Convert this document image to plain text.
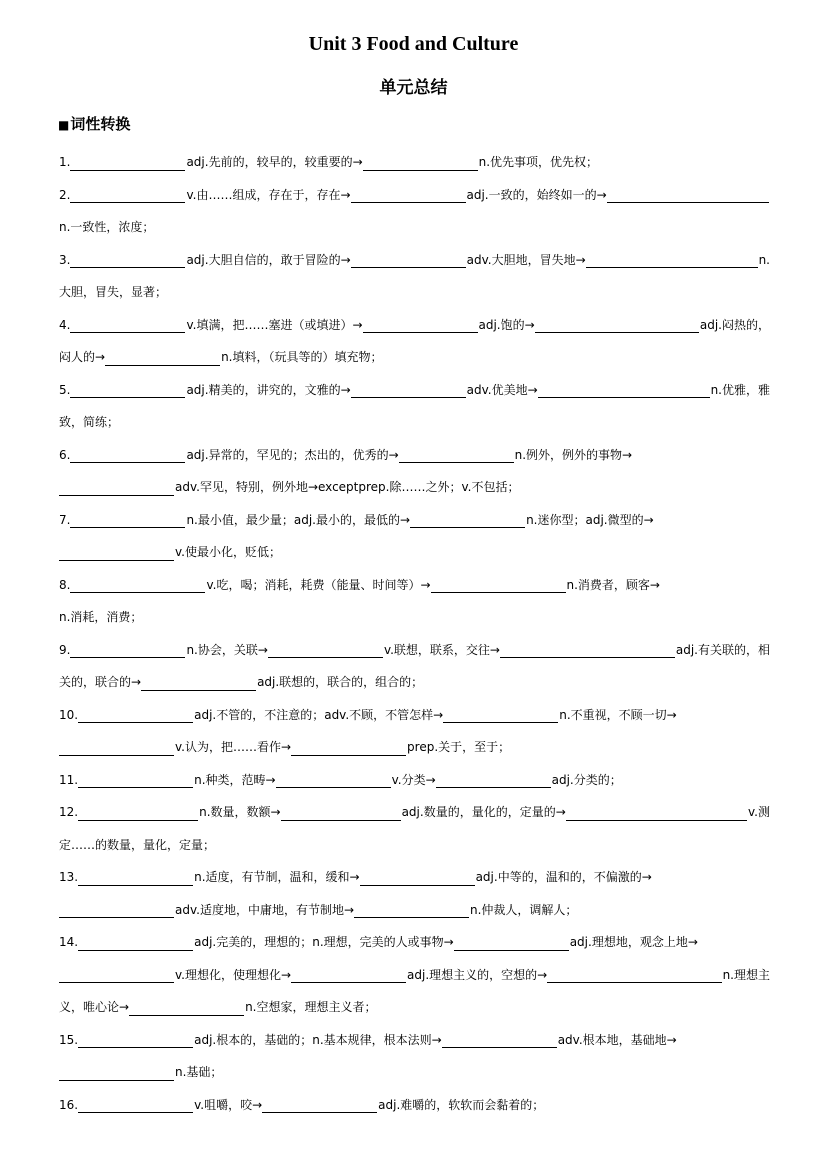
Unit 3 Food and Culture
单元总结
■词性转换
1.	adj.先前的，较早的，较重要的→	n.优先事项，优先权；
2.	v.由……组成，存在于，存在→	adj.一致的，始终如一的→
n.一致性，浓度；
3.	adj.大胆自信的，敢于冒险的→	adv.大胆地，冒失地→	n.
大胆，冒失，显著；
4.	v.填满，把……塞进（或填进）→	adj.饱的→	adj.闷热的，
闷人的→	n.填料，（玩具等的）填充物；
5.	adj.精美的，讲究的，文雅的→	adv.优美地→	n.优雅，雅
致，简练；
6.	adj.异常的，罕见的；杰出的，优秀的→	n.例外，例外的事物→
adv.罕见，特别，例外地→exceptprep.除……之外；v.不包括；
7.	n.最小值，最少量；adj.最小的，最低的→	n.迷你型；adj.微型的→
v.使最小化，贬低；
8.	v.吃，喝；消耗，耗费（能量、时间等）→	n.消费者，顾客→
n.消耗，消费；
9.	n.协会，关联→	v.联想，联系，交往→	adj.有关联的，相
关的，联合的→	adj.联想的，联合的，组合的；
10.	adj.不管的，不注意的；adv.不顾，不管怎样→	n.不重视，不顾一切→
v.认为，把……看作→	prep.关于，至于；
11.	n.种类，范畴→	v.分类→	adj.分类的；
12.	n.数量，数额→	adj.数量的，量化的，定量的→	v.测
定……的数量，量化，定量；
13.	n.适度，有节制，温和，缓和→	adj.中等的，温和的，不偏激的→
adv.适度地，中庸地，有节制地→	n.仲裁人，调解人；
14.	adj.完美的，理想的；n.理想，完美的人或事物→	adj.理想地，观念上地→
v.理想化，使理想化→	adj.理想主义的，空想的→	n.理想主
义，唯心论→	n.空想家，理想主义者；
15.	adj.根本的，基础的；n.基本规律，根本法则→	adv.根本地，基础地→
n.基础；
16.	v.咀嚼，咬→	adj.难嚼的，软软而会黏着的；
